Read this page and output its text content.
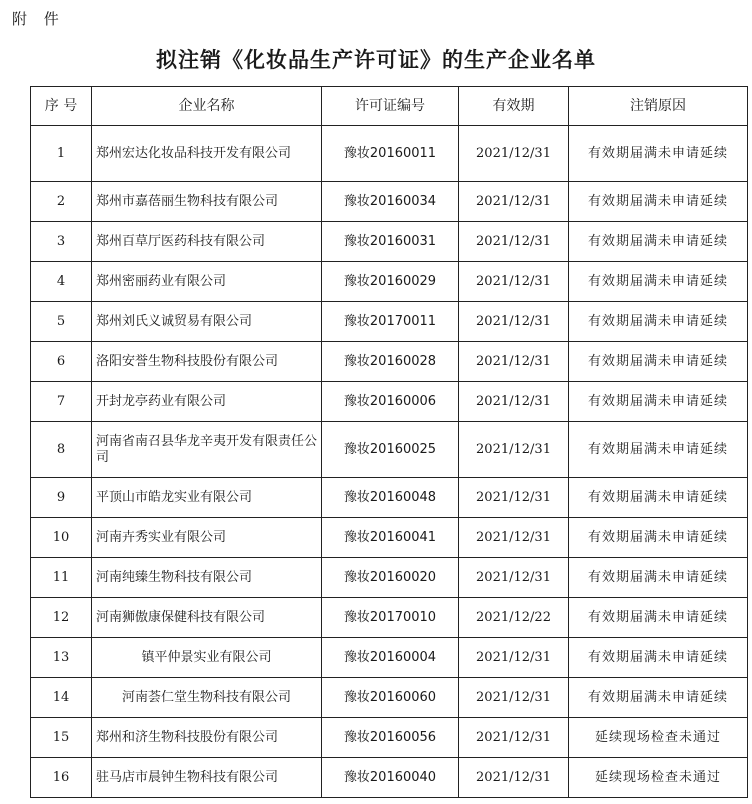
附 件
拟注销《化妆品生产许可证》的生产企业名单
序 号	企业名称	许可证编号	有效期	注销原因
1	郑州宏达化妆品科技开发有限公司	豫妆20160011	2021/12/31	有效期届满未申请延续
2	郑州市嘉蓓丽生物科技有限公司	豫妆20160034	2021/12/31	有效期届满未申请延续
3	郑州百草厅医药科技有限公司	豫妆20160031	2021/12/31	有效期届满未申请延续
4	郑州密丽药业有限公司	豫妆20160029	2021/12/31	有效期届满未申请延续
5	郑州刘氏义诚贸易有限公司	豫妆20170011	2021/12/31	有效期届满未申请延续
6	洛阳安誉生物科技股份有限公司	豫妆20160028	2021/12/31	有效期届满未申请延续
7	开封龙亭药业有限公司	豫妆20160006	2021/12/31	有效期届满未申请延续
8	河南省南召县华龙辛夷开发有限责任公司	豫妆20160025	2021/12/31	有效期届满未申请延续
9	平顶山市皓龙实业有限公司	豫妆20160048	2021/12/31	有效期届满未申请延续
10	河南卉秀实业有限公司	豫妆20160041	2021/12/31	有效期届满未申请延续
11	河南纯臻生物科技有限公司	豫妆20160020	2021/12/31	有效期届满未申请延续
12	河南狮傲康保健科技有限公司	豫妆20170010	2021/12/22	有效期届满未申请延续
13	镇平仲景实业有限公司	豫妆20160004	2021/12/31	有效期届满未申请延续
14	河南荟仁堂生物科技有限公司	豫妆20160060	2021/12/31	有效期届满未申请延续
15	郑州和济生物科技股份有限公司	豫妆20160056	2021/12/31	延续现场检查未通过
16	驻马店市晨钟生物科技有限公司	豫妆20160040	2021/12/31	延续现场检查未通过
